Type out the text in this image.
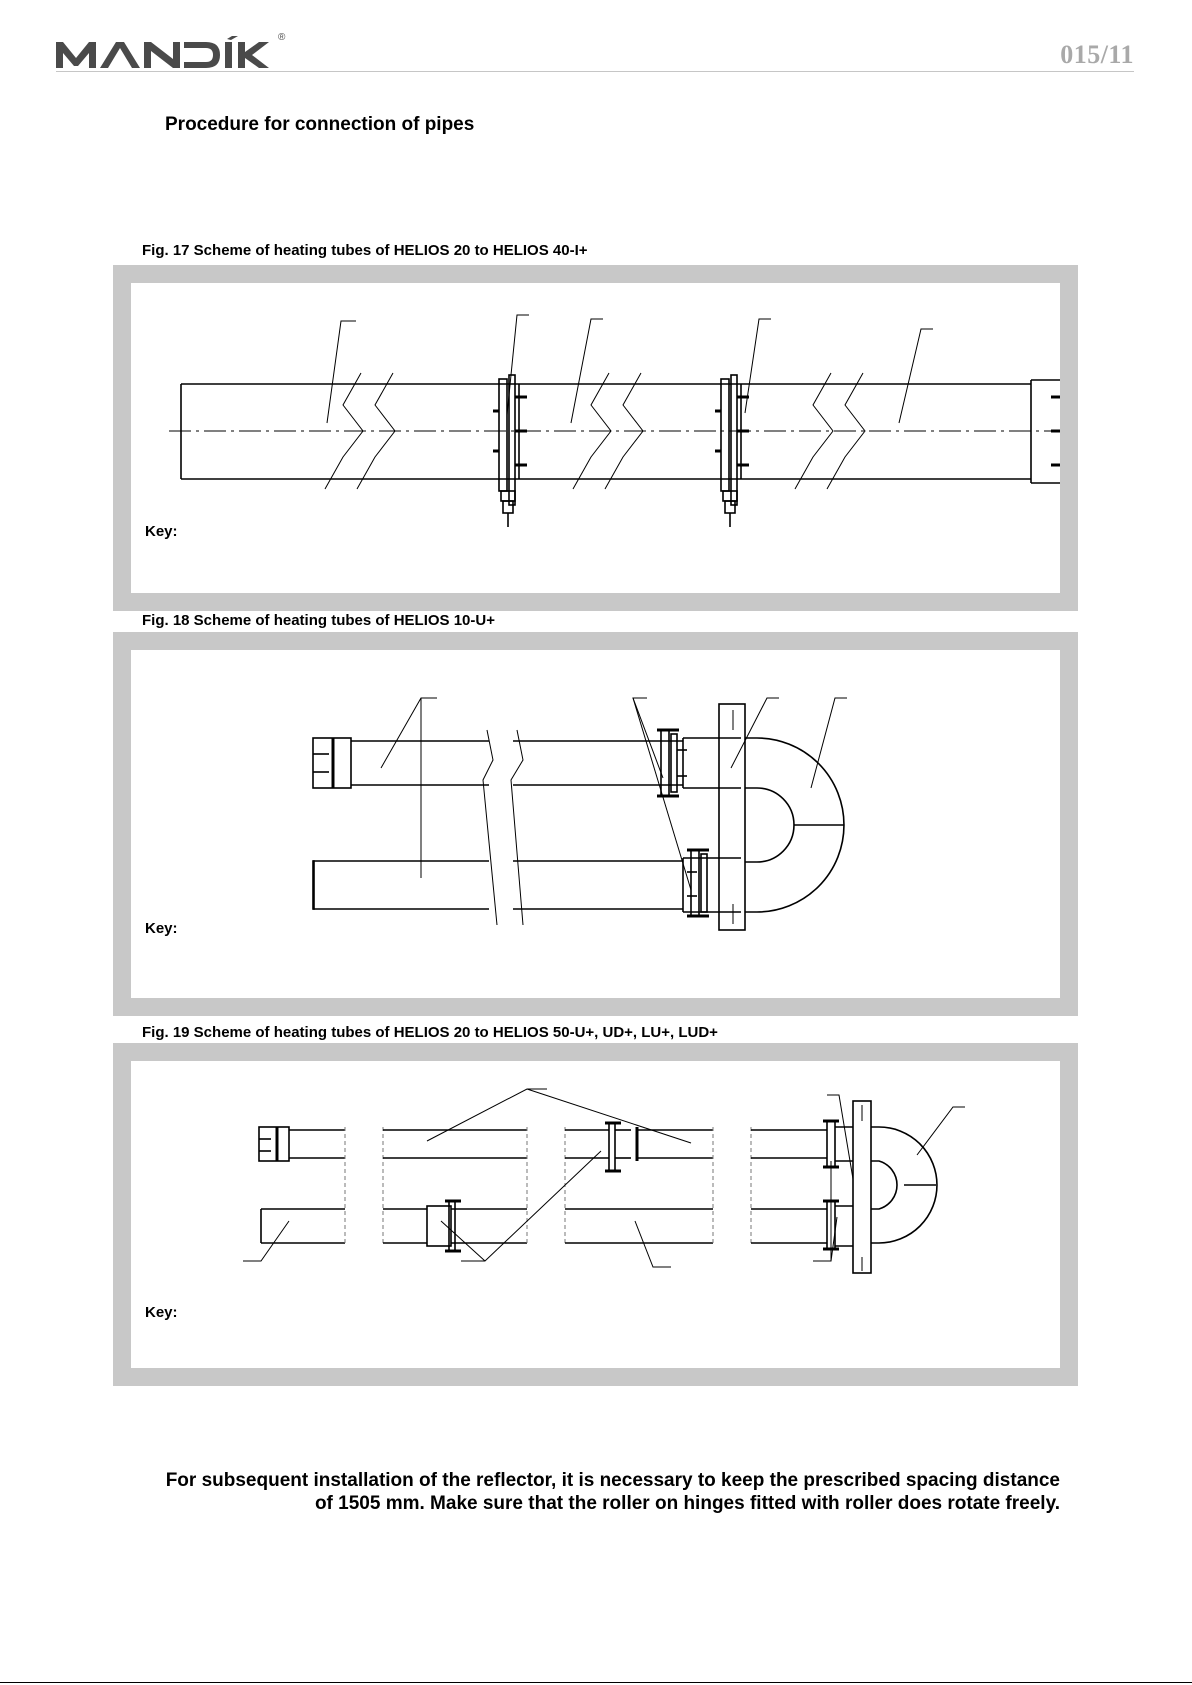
®
015/11
Procedure for connection of pipes
Fig. 17 Scheme of heating tubes of HELIOS 20 to HELIOS 40-I+
Key:
Fig. 18 Scheme of heating tubes of HELIOS 10-U+
Key:
Fig. 19 Scheme of heating tubes of HELIOS 20 to HELIOS 50-U+, UD+, LU+, LUD+
Key:

For subsequent installation of the reflector, it is necessary to keep the prescribed spacing distance of 1505 mm. Make sure that the roller on hinges fitted with roller does rotate freely.
